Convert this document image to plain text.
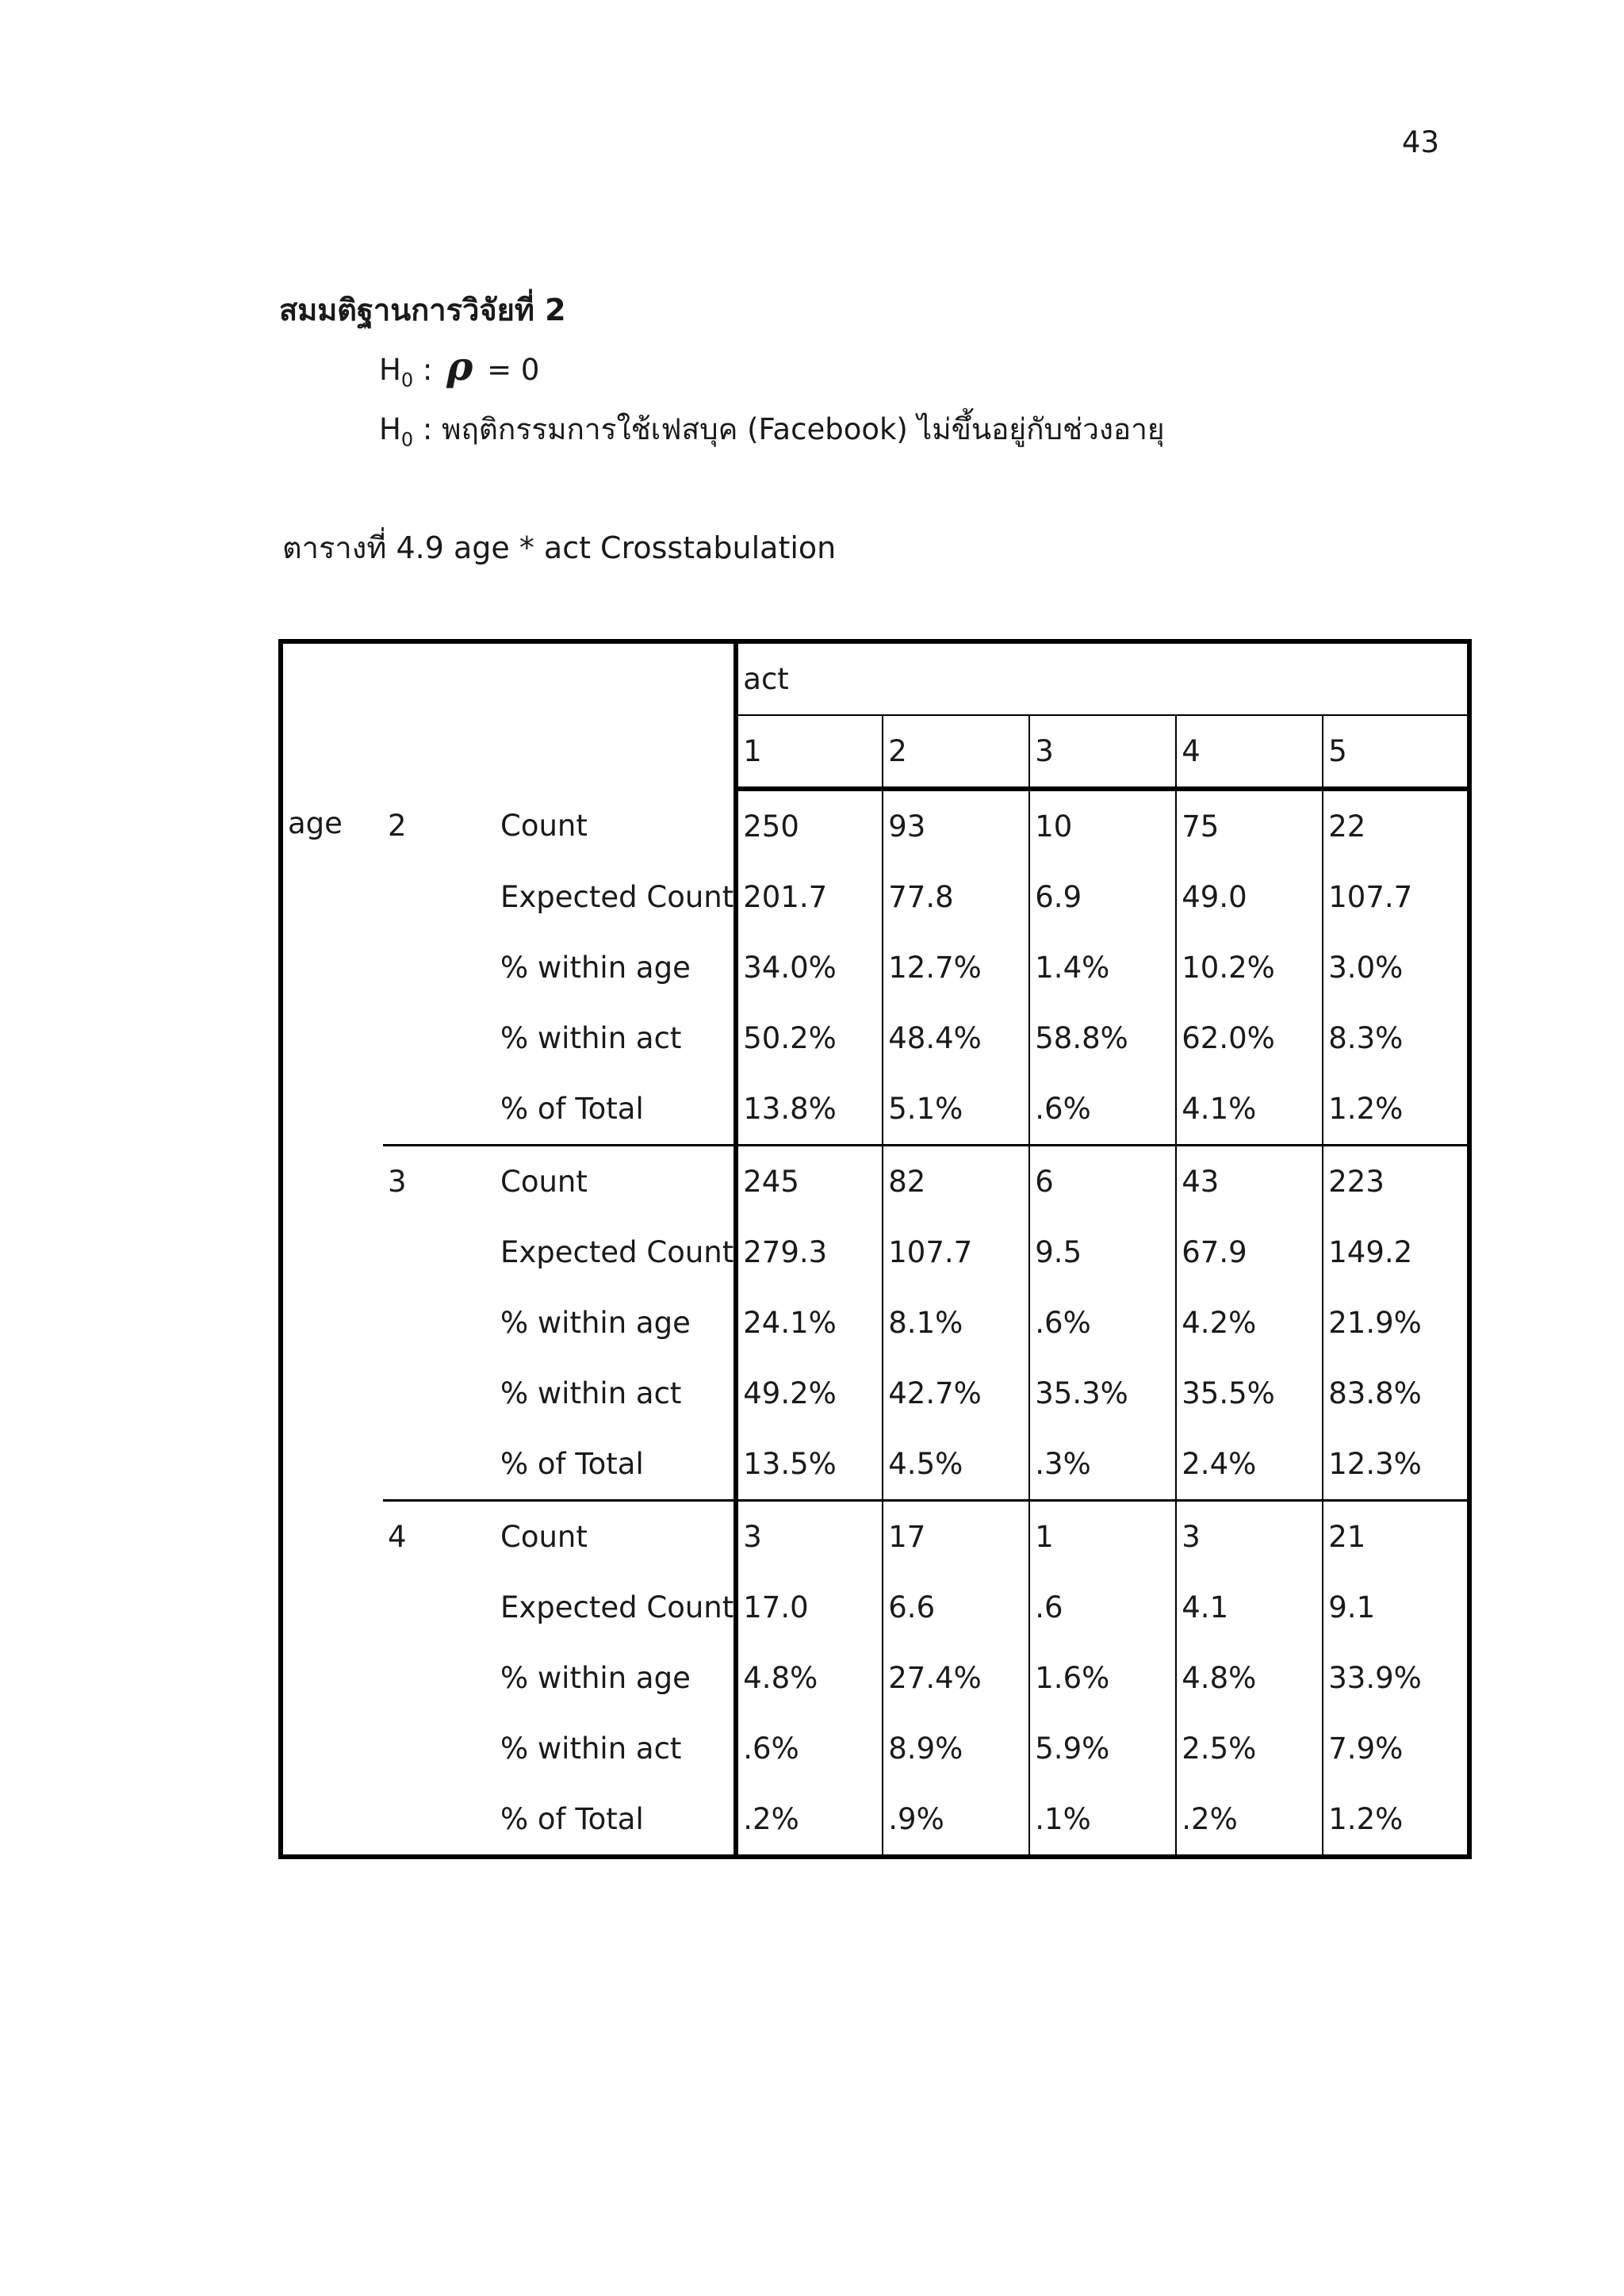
43
สมมติฐานการวิจัยที่ 2
$H_0$ : ρ = 0
$H_0$ : พฤติกรรมการใช้เฟสบุค (Facebook) ไม่ขึ้นอยู่กับช่วงอายุ
ตารางที่ 4.9 age * act Crosstabulation
			act				
			1	2	3	4	5
age	2	Count	250	93	10	75	22
		Expected Count	201.7	77.8	6.9	49.0	107.7
		% within age	34.0%	12.7%	1.4%	10.2%	3.0%
		% within act	50.2%	48.4%	58.8%	62.0%	8.3%
		% of Total	13.8%	5.1%	.6%	4.1%	1.2%
	3	Count	245	82	6	43	223
		Expected Count	279.3	107.7	9.5	67.9	149.2
		% within age	24.1%	8.1%	.6%	4.2%	21.9%
		% within act	49.2%	42.7%	35.3%	35.5%	83.8%
		% of Total	13.5%	4.5%	.3%	2.4%	12.3%
	4	Count	3	17	1	3	21
		Expected Count	17.0	6.6	.6	4.1	9.1
		% within age	4.8%	27.4%	1.6%	4.8%	33.9%
		% within act	.6%	8.9%	5.9%	2.5%	7.9%
		% of Total	.2%	.9%	.1%	.2%	1.2%
